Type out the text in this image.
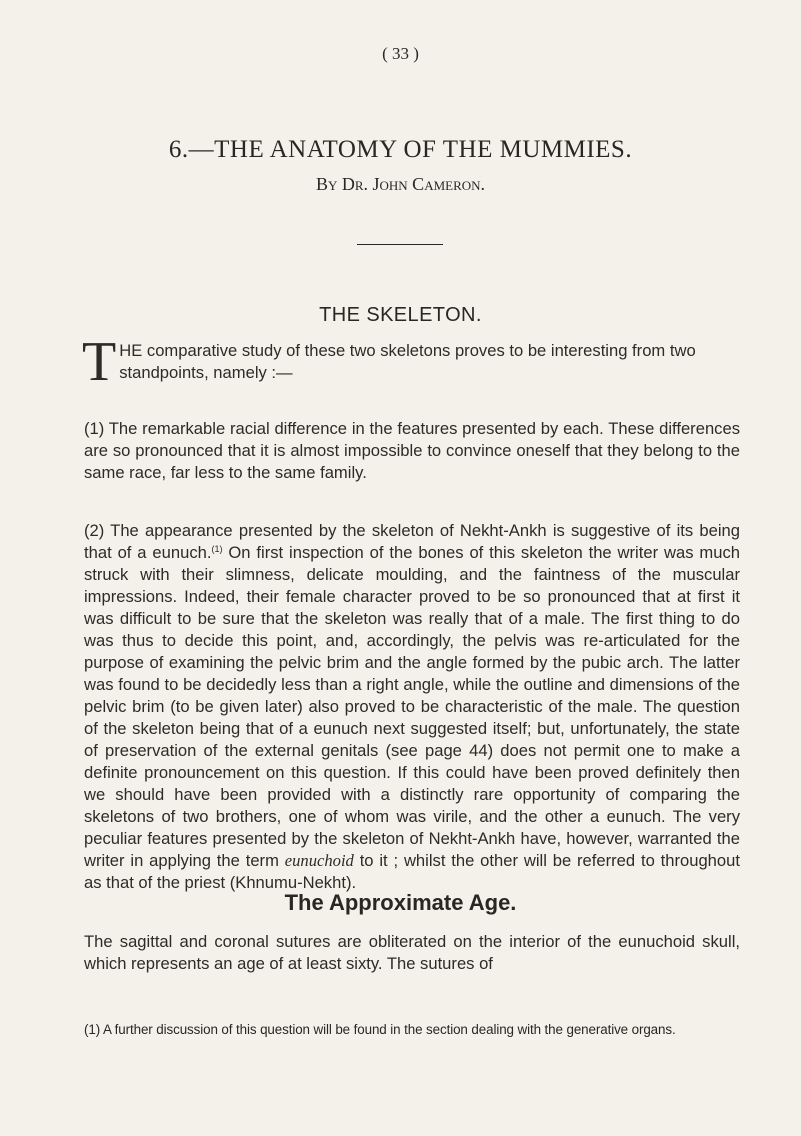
( 33 )
6.—THE ANATOMY OF THE MUMMIES.
By Dr. John Cameron.
THE SKELETON.
THE comparative study of these two skeletons proves to be interesting from two standpoints, namely :—
(1) The remarkable racial difference in the features presented by each. These differences are so pronounced that it is almost impossible to convince oneself that they belong to the same race, far less to the same family.
(2) The appearance presented by the skeleton of Nekht-Ankh is suggestive of its being that of a eunuch.$^{(1)}$ On first inspection of the bones of this skeleton the writer was much struck with their slimness, delicate moulding, and the faintness of the muscular impressions. Indeed, their female character proved to be so pronounced that at first it was difficult to be sure that the skeleton was really that of a male. The first thing to do was thus to decide this point, and, accordingly, the pelvis was re-articulated for the purpose of examining the pelvic brim and the angle formed by the pubic arch. The latter was found to be decidedly less than a right angle, while the outline and dimensions of the pelvic brim (to be given later) also proved to be characteristic of the male. The question of the skeleton being that of a eunuch next suggested itself; but, unfortunately, the state of preservation of the external genitals (see page 44) does not permit one to make a definite pronouncement on this question. If this could have been proved definitely then we should have been provided with a distinctly rare opportunity of comparing the skeletons of two brothers, one of whom was virile, and the other a eunuch. The very peculiar features presented by the skeleton of Nekht-Ankh have, however, warranted the writer in applying the term eunuchoid to it ; whilst the other will be referred to throughout as that of the priest (Khnumu-Nekht).
The Approximate Age.
The sagittal and coronal sutures are obliterated on the interior of the eunuchoid skull, which represents an age of at least sixty. The sutures of
(1) A further discussion of this question will be found in the section dealing with the generative organs.
